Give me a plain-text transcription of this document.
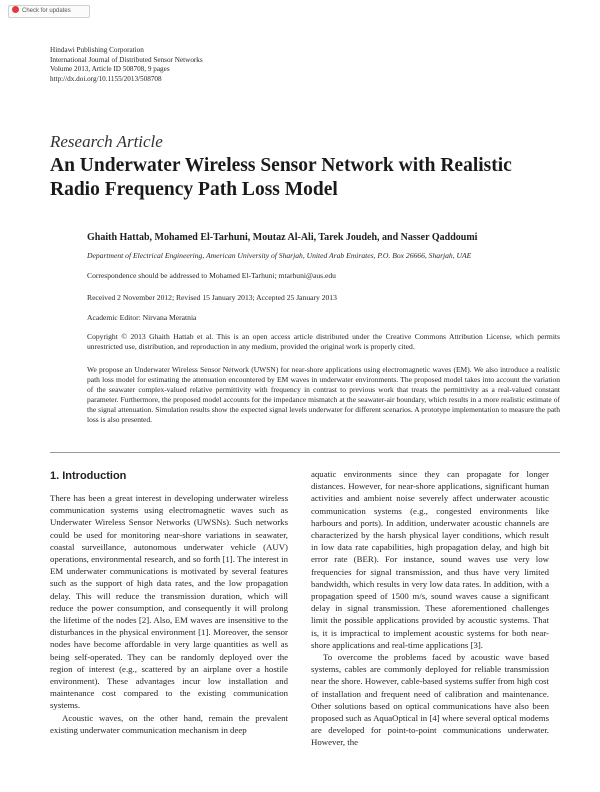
Check for updates
Hindawi Publishing Corporation
International Journal of Distributed Sensor Networks
Volume 2013, Article ID 508708, 9 pages
http://dx.doi.org/10.1155/2013/508708
Research Article
An Underwater Wireless Sensor Network with Realistic Radio Frequency Path Loss Model
Ghaith Hattab, Mohamed El-Tarhuni, Moutaz Al-Ali, Tarek Joudeh, and Nasser Qaddoumi
Department of Electrical Engineering, American University of Sharjah, United Arab Emirates, P.O. Box 26666, Sharjah, UAE
Correspondence should be addressed to Mohamed El-Tarhuni; mtarhuni@aus.edu
Received 2 November 2012; Revised 15 January 2013; Accepted 25 January 2013
Academic Editor: Nirvana Meratnia
Copyright © 2013 Ghaith Hattab et al. This is an open access article distributed under the Creative Commons Attribution License, which permits unrestricted use, distribution, and reproduction in any medium, provided the original work is properly cited.
We propose an Underwater Wireless Sensor Network (UWSN) for near-shore applications using electromagnetic waves (EM). We also introduce a realistic path loss model for estimating the attenuation encountered by EM waves in underwater environments. The proposed model takes into account the variation of the seawater complex-valued relative permittivity with frequency in contrast to previous work that treats the permittivity as a real-valued constant parameter. Furthermore, the proposed model accounts for the impedance mismatch at the seawater-air boundary, which results in a more realistic estimate of the signal attenuation. Simulation results show the expected signal levels underwater for different scenarios. A prototype implementation to measure the path loss is also presented.
1. Introduction

There has been a great interest in developing underwater wireless communication systems using electromagnetic waves such as Underwater Wireless Sensor Networks (UWSNs). Such networks could be used for monitoring near-shore variations in seawater, coastal surveillance, autonomous underwater vehicle (AUV) operations, environmental research, and so forth [1]. The interest in EM underwater communications is motivated by several features such as the support of high data rates, and the low propagation delay. This will reduce the transmission duration, which will reduce the power consumption, and consequently it will prolong the lifetime of the nodes [2]. Also, EM waves are insensitive to the disturbances in the physical environment [1]. Moreover, the sensor nodes have become affordable in very large quantities as well as being self-operated. They can be randomly deployed over the region of interest (e.g., scattered by an airplane over a hostile environment). These advantages incur low installation and maintenance cost compared to the existing communication systems.

Acoustic waves, on the other hand, remain the prevalent existing underwater communication mechanism in deep

aquatic environments since they can propagate for longer distances. However, for near-shore applications, significant human activities and ambient noise severely affect underwater acoustic communication systems (e.g., congested environments like harbours and ports). In addition, underwater acoustic channels are characterized by the harsh physical layer conditions, which result in low data rate capabilities, high propagation delay, and high bit error rate (BER). For instance, sound waves use very low frequencies for signal transmission, and thus have very limited bandwidth, which results in very low data rates. In addition, with a propagation speed of 1500 m/s, sound waves cause a significant delay in signal transmission. These aforementioned challenges limit the possible applications provided by acoustic systems. That is, it is impractical to implement acoustic systems for both near-shore applications and real-time applications [3].

To overcome the problems faced by acoustic wave based systems, cables are commonly deployed for reliable transmission near the shore. However, cable-based systems suffer from high cost of installation and frequent need of calibration and maintenance. Other solutions based on optical communications have also been proposed such as AquaOptical in [4] where several optical modems are developed for point-to-point communications underwater. However, the
